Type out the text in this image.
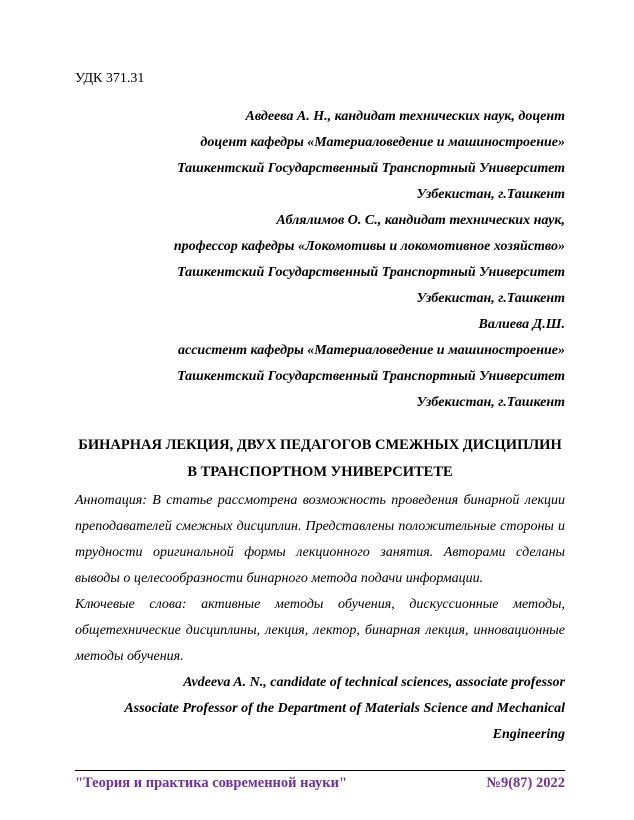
УДК 371.31
Авдеева А. Н., кандидат технических наук, доцент
доцент кафедры «Материаловедение и машиностроение»
Ташкентский Государственный Транспортный Университет
Узбекистан, г.Ташкент
Аблялимов О. С., кандидат технических наук,
профессор кафедры «Локомотивы и локомотивное хозяйство»
Ташкентский Государственный Транспортный Университет
Узбекистан, г.Ташкент
Валиева Д.Ш.
ассистент кафедры «Материаловедение и машиностроение»
Ташкентский Государственный Транспортный Университет
Узбекистан, г.Ташкент
БИНАРНАЯ ЛЕКЦИЯ, ДВУХ ПЕДАГОГОВ СМЕЖНЫХ ДИСЦИПЛИН
В ТРАНСПОРТНОМ УНИВЕРСИТЕТЕ

Аннотация: В статье рассмотрена возможность проведения бинарной лекции преподавателей смежных дисциплин. Представлены положительные стороны и трудности оригинальной формы лекционного занятия. Авторами сделаны выводы о целесообразности бинарного метода подачи информации.

Ключевые слова: активные методы обучения, дискуссионные методы, общетехнические дисциплины, лекция, лектор, бинарная лекция, инновационные методы обучения.

Avdeeva A. N., candidate of technical sciences, associate professor
Associate Professor of the Department of Materials Science and Mechanical
Engineering
"Теория и практика современной науки"	№9(87) 2022
